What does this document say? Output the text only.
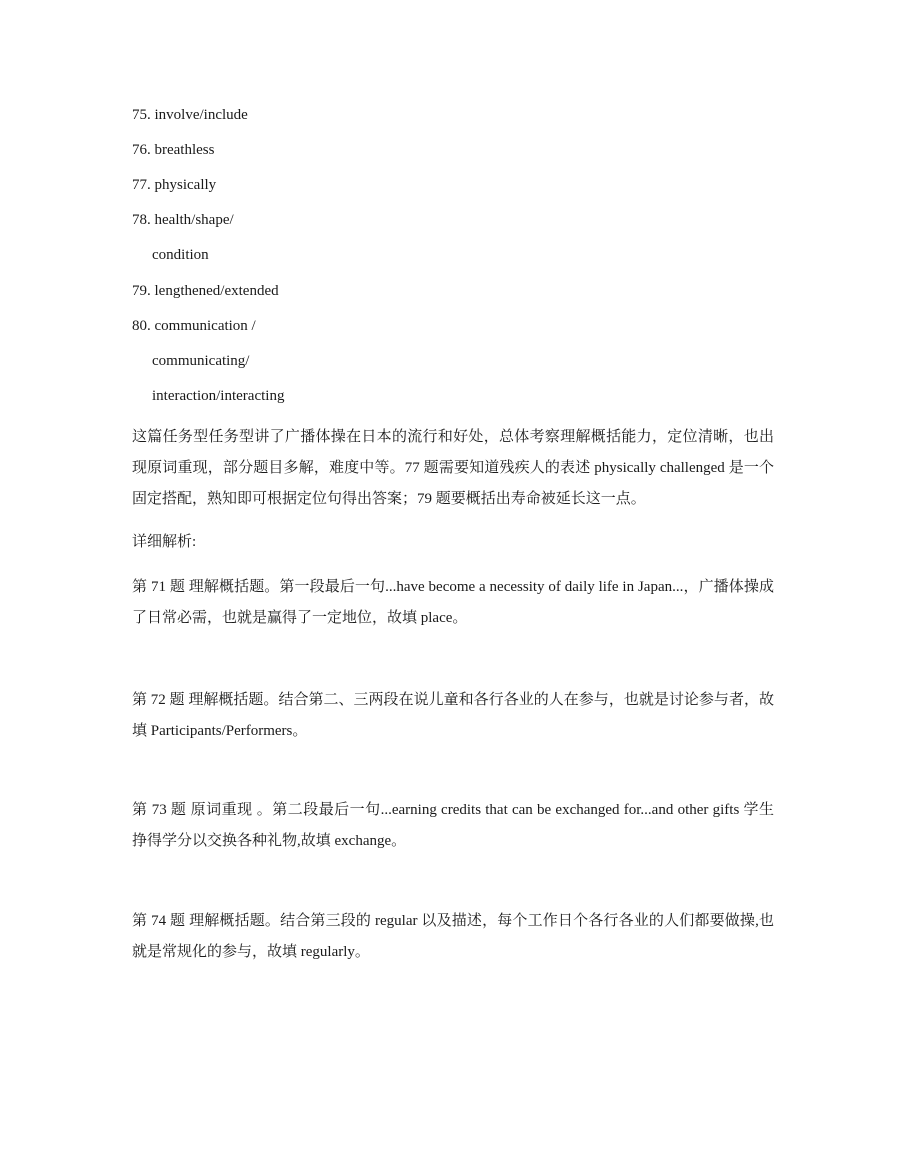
75. involve/include
76. breathless
77. physically
78. health/shape/
condition
79. lengthened/extended
80. communication /
communicating/
interaction/interacting

这篇任务型任务型讲了广播体操在日本的流行和好处，总体考察理解概括能力，定位清晰，也出现原词重现，部分题目多解，难度中等。77 题需要知道残疾人的表述 physically challenged 是一个固定搭配，熟知即可根据定位句得出答案；79 题要概括出寿命被延长这一点。

详细解析:

第 71 题 理解概括题。第一段最后一句...have become a necessity of daily life in Japan...，广播体操成了日常必需，也就是赢得了一定地位，故填 place。

第 72 题 理解概括题。结合第二、三两段在说儿童和各行各业的人在参与，也就是讨论参与者，故填 Participants/Performers。

第 73 题 原词重现 。第二段最后一句...earning credits that can be exchanged for...and other gifts 学生挣得学分以交换各种礼物,故填 exchange。

第 74 题 理解概括题。结合第三段的 regular 以及描述，每个工作日个各行各业的人们都要做操,也就是常规化的参与，故填 regularly。
